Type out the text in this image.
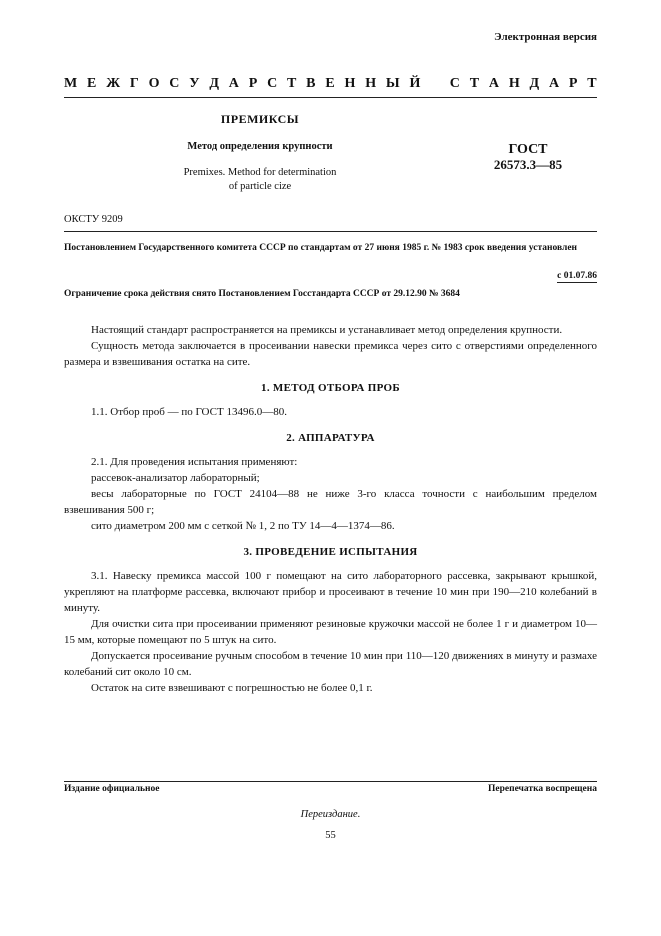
Электронная версия
М Е Ж Г О С У Д А Р С Т В Е Н Н Ы Й С Т А Н Д А Р Т
ПРЕМИКСЫ
Метод определения крупности
Premixes. Method for determination
of particle cize
ГОСТ
26573.3—85
ОКСТУ 9209
Постановлением Государственного комитета СССР по стандартам от 27 июня 1985 г. № 1983 срок введения установлен
с 01.07.86
Ограничение срока действия снято Постановлением Госстандарта СССР от 29.12.90 № 3684

Настоящий стандарт распространяется на премиксы и устанавливает метод определения крупности.

Сущность метода заключается в просеивании навески премикса через сито с отверстиями определенного размера и взвешивания остатка на сите.

1. МЕТОД ОТБОРА ПРОБ

1.1. Отбор проб — по ГОСТ 13496.0—80.

2. АППАРАТУРА

2.1. Для проведения испытания применяют:

рассевок-анализатор лабораторный;

весы лабораторные по ГОСТ 24104—88 не ниже 3-го класса точности с наибольшим пределом взвешивания 500 г;

сито диаметром 200 мм с сеткой № 1, 2 по ТУ 14—4—1374—86.

3. ПРОВЕДЕНИЕ ИСПЫТАНИЯ

3.1. Навеску премикса массой 100 г помещают на сито лабораторного рассевка, закрывают крышкой, укрепляют на платформе рассевка, включают прибор и просеивают в течение 10 мин при 190—210 колебаний в минуту.

Для очистки сита при просеивании применяют резиновые кружочки массой не более 1 г и диаметром 10—15 мм, которые помещают по 5 штук на сито.

Допускается просеивание ручным способом в течение 10 мин при 110—120 движениях в минуту и размахе колебаний сит около 10 см.

Остаток на сите взвешивают с погрешностью не более 0,1 г.

Издание официальное	Перепечатка воспрещена
Переиздание.
55
